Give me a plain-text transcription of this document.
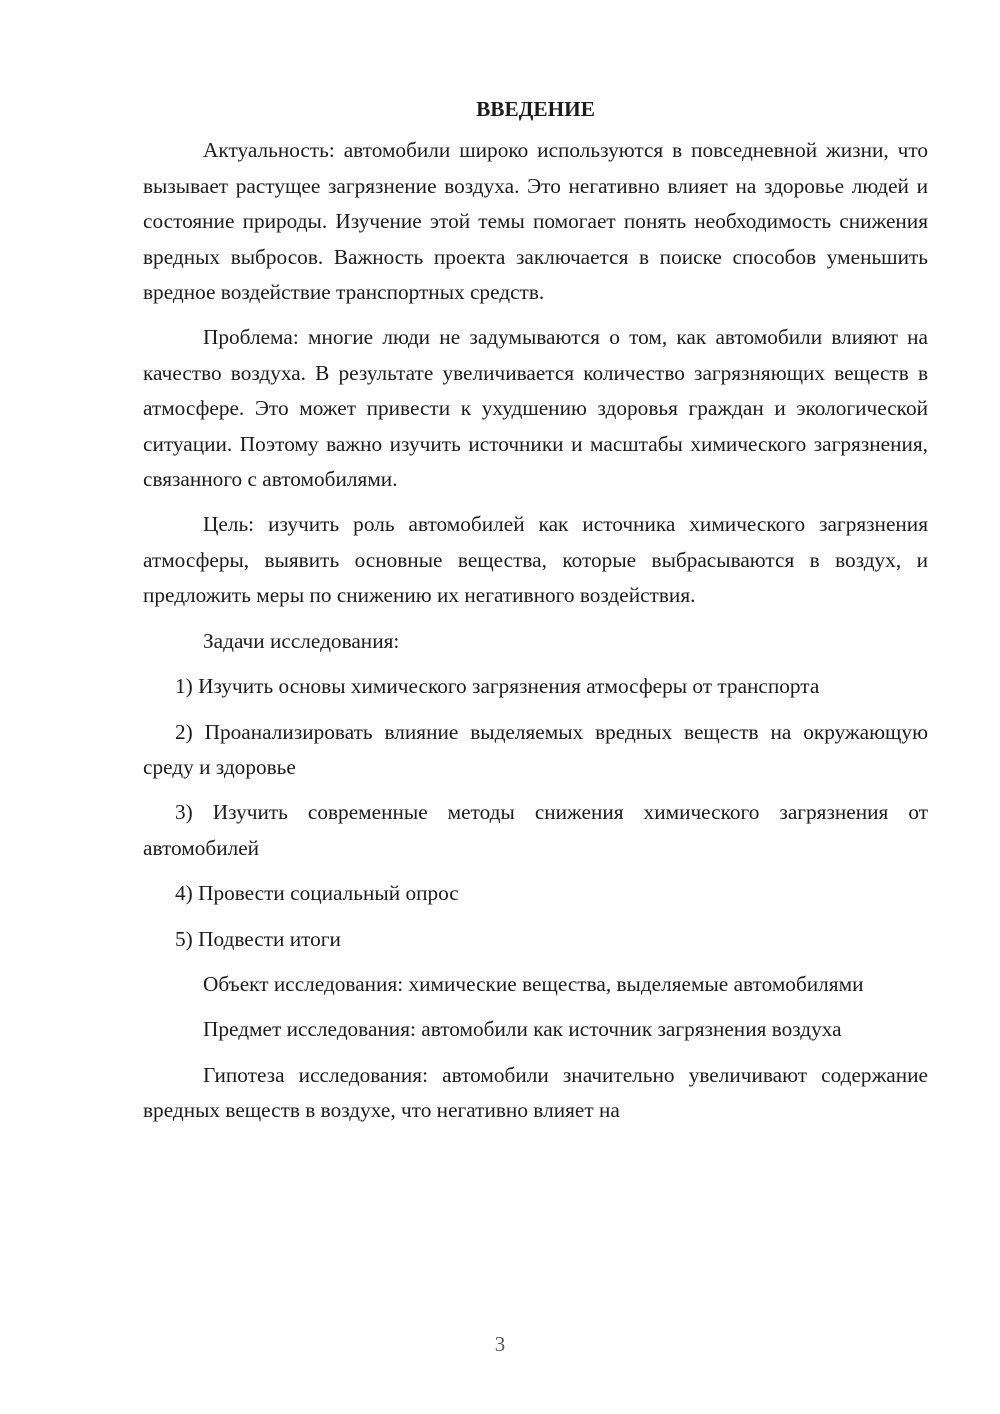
ВВЕДЕНИЕ

Актуальность: автомобили широко используются в повседневной жизни, что вызывает растущее загрязнение воздуха. Это негативно влияет на здоровье людей и состояние природы. Изучение этой темы помогает понять необходимость снижения вредных выбросов. Важность проекта заключается в поиске способов уменьшить вредное воздействие транспортных средств.

Проблема: многие люди не задумываются о том, как автомобили влияют на качество воздуха. В результате увеличивается количество загрязняющих веществ в атмосфере. Это может привести к ухудшению здоровья граждан и экологической ситуации. Поэтому важно изучить источники и масштабы химического загрязнения, связанного с автомобилями.

Цель: изучить роль автомобилей как источника химического загрязнения атмосферы, выявить основные вещества, которые выбрасываются в воздух, и предложить меры по снижению их негативного воздействия.

Задачи исследования:

1) Изучить основы химического загрязнения атмосферы от транспорта

2) Проанализировать влияние выделяемых вредных веществ на окружающую среду и здоровье

3) Изучить современные методы снижения химического загрязнения от автомобилей

4) Провести социальный опрос

5) Подвести итоги

Объект исследования: химические вещества, выделяемые автомобилями

Предмет исследования: автомобили как источник загрязнения воздуха

Гипотеза исследования: автомобили значительно увеличивают содержание вредных веществ в воздухе, что негативно влияет на

3
